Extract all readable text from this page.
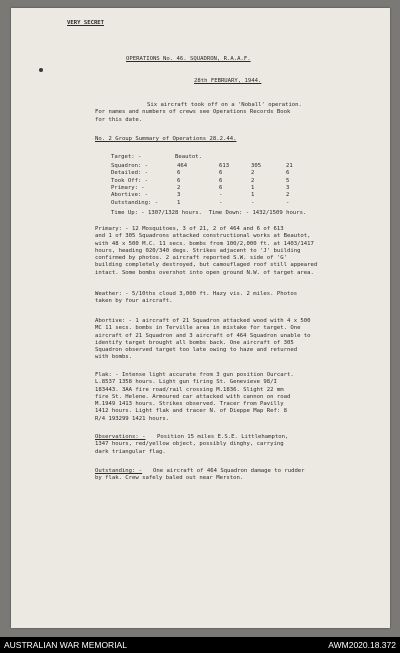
VERY SECRET
OPERATIONS No. 46. SQUADRON, R.A.A.F.
28th FEBRUARY, 1944.
Six aircraft took off on a 'Noball' operation.
For names and numbers of crews see Operations Records Book
for this date.
No. 2 Group Summary of Operations 28.2.44.
Target: -	Beautot.
Squadron: -	464	613	305	21
Detailed: -	6	6	2	6
Took Off: -	6	6	2	5
Primary: -	2	6	1	3
Abortive: -	3	-	1	2
Outstanding: -	1	-	-	-
Time Up: - 1307/1328 hours.  Time Down: - 1432/1509 hours.
Primary: - 12 Mosquitoes, 3 of 21, 2 of 464 and 6 of 613
and 1 of 305 Squadrons attacked constructional works at Beautot,
with 48 x 500 M.C. 11 secs. bombs from 100/2,000 ft. at 1403/1417
hours, heading 020/340 degs. Strikes adjacent to 'J' building
confirmed by photos. 2 aircraft reported S.W. side of 'G'
building completely destroyed, but camouflaged roof still appeared
intact. Some bombs overshot into open ground N.W. of target area.
Weather: - 5/10ths cloud 3,000 ft. Hazy vis. 2 miles. Photos
taken by four aircraft.
Abortive: - 1 aircraft of 21 Squadron attacked wood with 4 x 500
MC 11 secs. bombs in Terville area in mistake for target. One
aircraft of 21 Squadron and 3 aircraft of 464 Squadron unable to
identify target brought all bombs back. One aircraft of 305
Squadron observed target too late owing to haze and returned
with bombs.
Flak: - Intense light accurate from 3 gun position Ourcart.
L.8537 1358 hours. Light gun firing St. Genevieve 98/I
183443. 3AA fire road/rail crossing M.1836. Slight 22 mm
fire St. Helene. Armoured car attacked with cannon on road
M.1949 1413 hours. Strikes observed. Tracer from Pavilly
1412 hours. Light flak and tracer N. of Dieppe Map Ref: 8
R/4 193299 1421 hours.
Observations: -	Position 15 miles E.S.E. Littlehampton,
1347 hours, red/yellow object, possibly dinghy, carrying
dark triangular flag.
Outstanding: -	One aircraft of 464 Squadron damage to rudder
by flak. Crew safely baled out near Merston.
AUSTRALIAN WAR MEMORIAL	AWM2020.18.372
